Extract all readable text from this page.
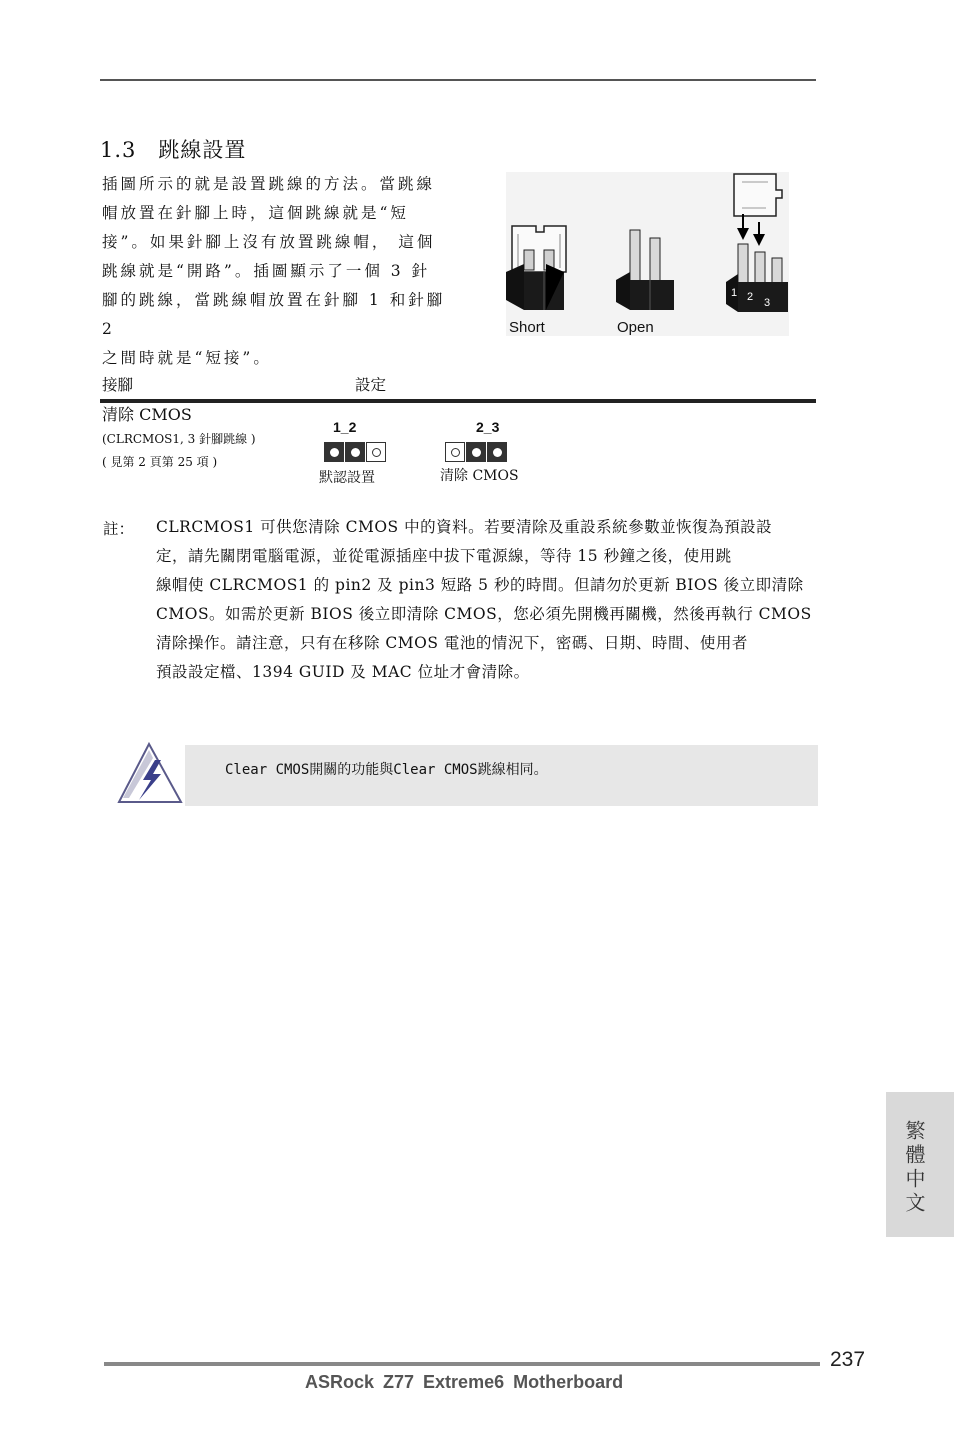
1.3 跳線設置

插圖所示的就是設置跳線的方法。當跳線

帽放置在針腳上時，這個跳線就是“短

接”。如果針腳上沒有放置跳線帽， 這個

跳線就是“開路”。插圖顯示了一個 3 針

腳的跳線，當跳線帽放置在針腳 1 和針腳 2

之間時就是“短接”。

Short	Open
1 2 3
接腳	設定
清除 CMOS
(CLRCMOS1, 3 針腳跳線 )
( 見第 2 頁第 25 項 )
1_2
默認設置
2_3
清除 CMOS
註： CLRCMOS1 可供您清除 CMOS 中的資料。若要清除及重設系統參數並恢復為預設設

定，請先關閉電腦電源，並從電源插座中拔下電源線，等待 15 秒鐘之後，使用跳

線帽使 CLRCMOS1 的 pin2 及 pin3 短路 5 秒的時間。但請勿於更新 BIOS 後立即清除

CMOS。如需於更新 BIOS 後立即清除 CMOS，您必須先開機再關機，然後再執行 CMOS

清除操作。請注意，只有在移除 CMOS 電池的情況下，密碼、日期、時間、使用者

預設設定檔、1394 GUID 及 MAC 位址才會清除。

Clear CMOS開關的功能與Clear CMOS跳線相同。
繁體中文
237
ASRock Z77 Extreme6 Motherboard
